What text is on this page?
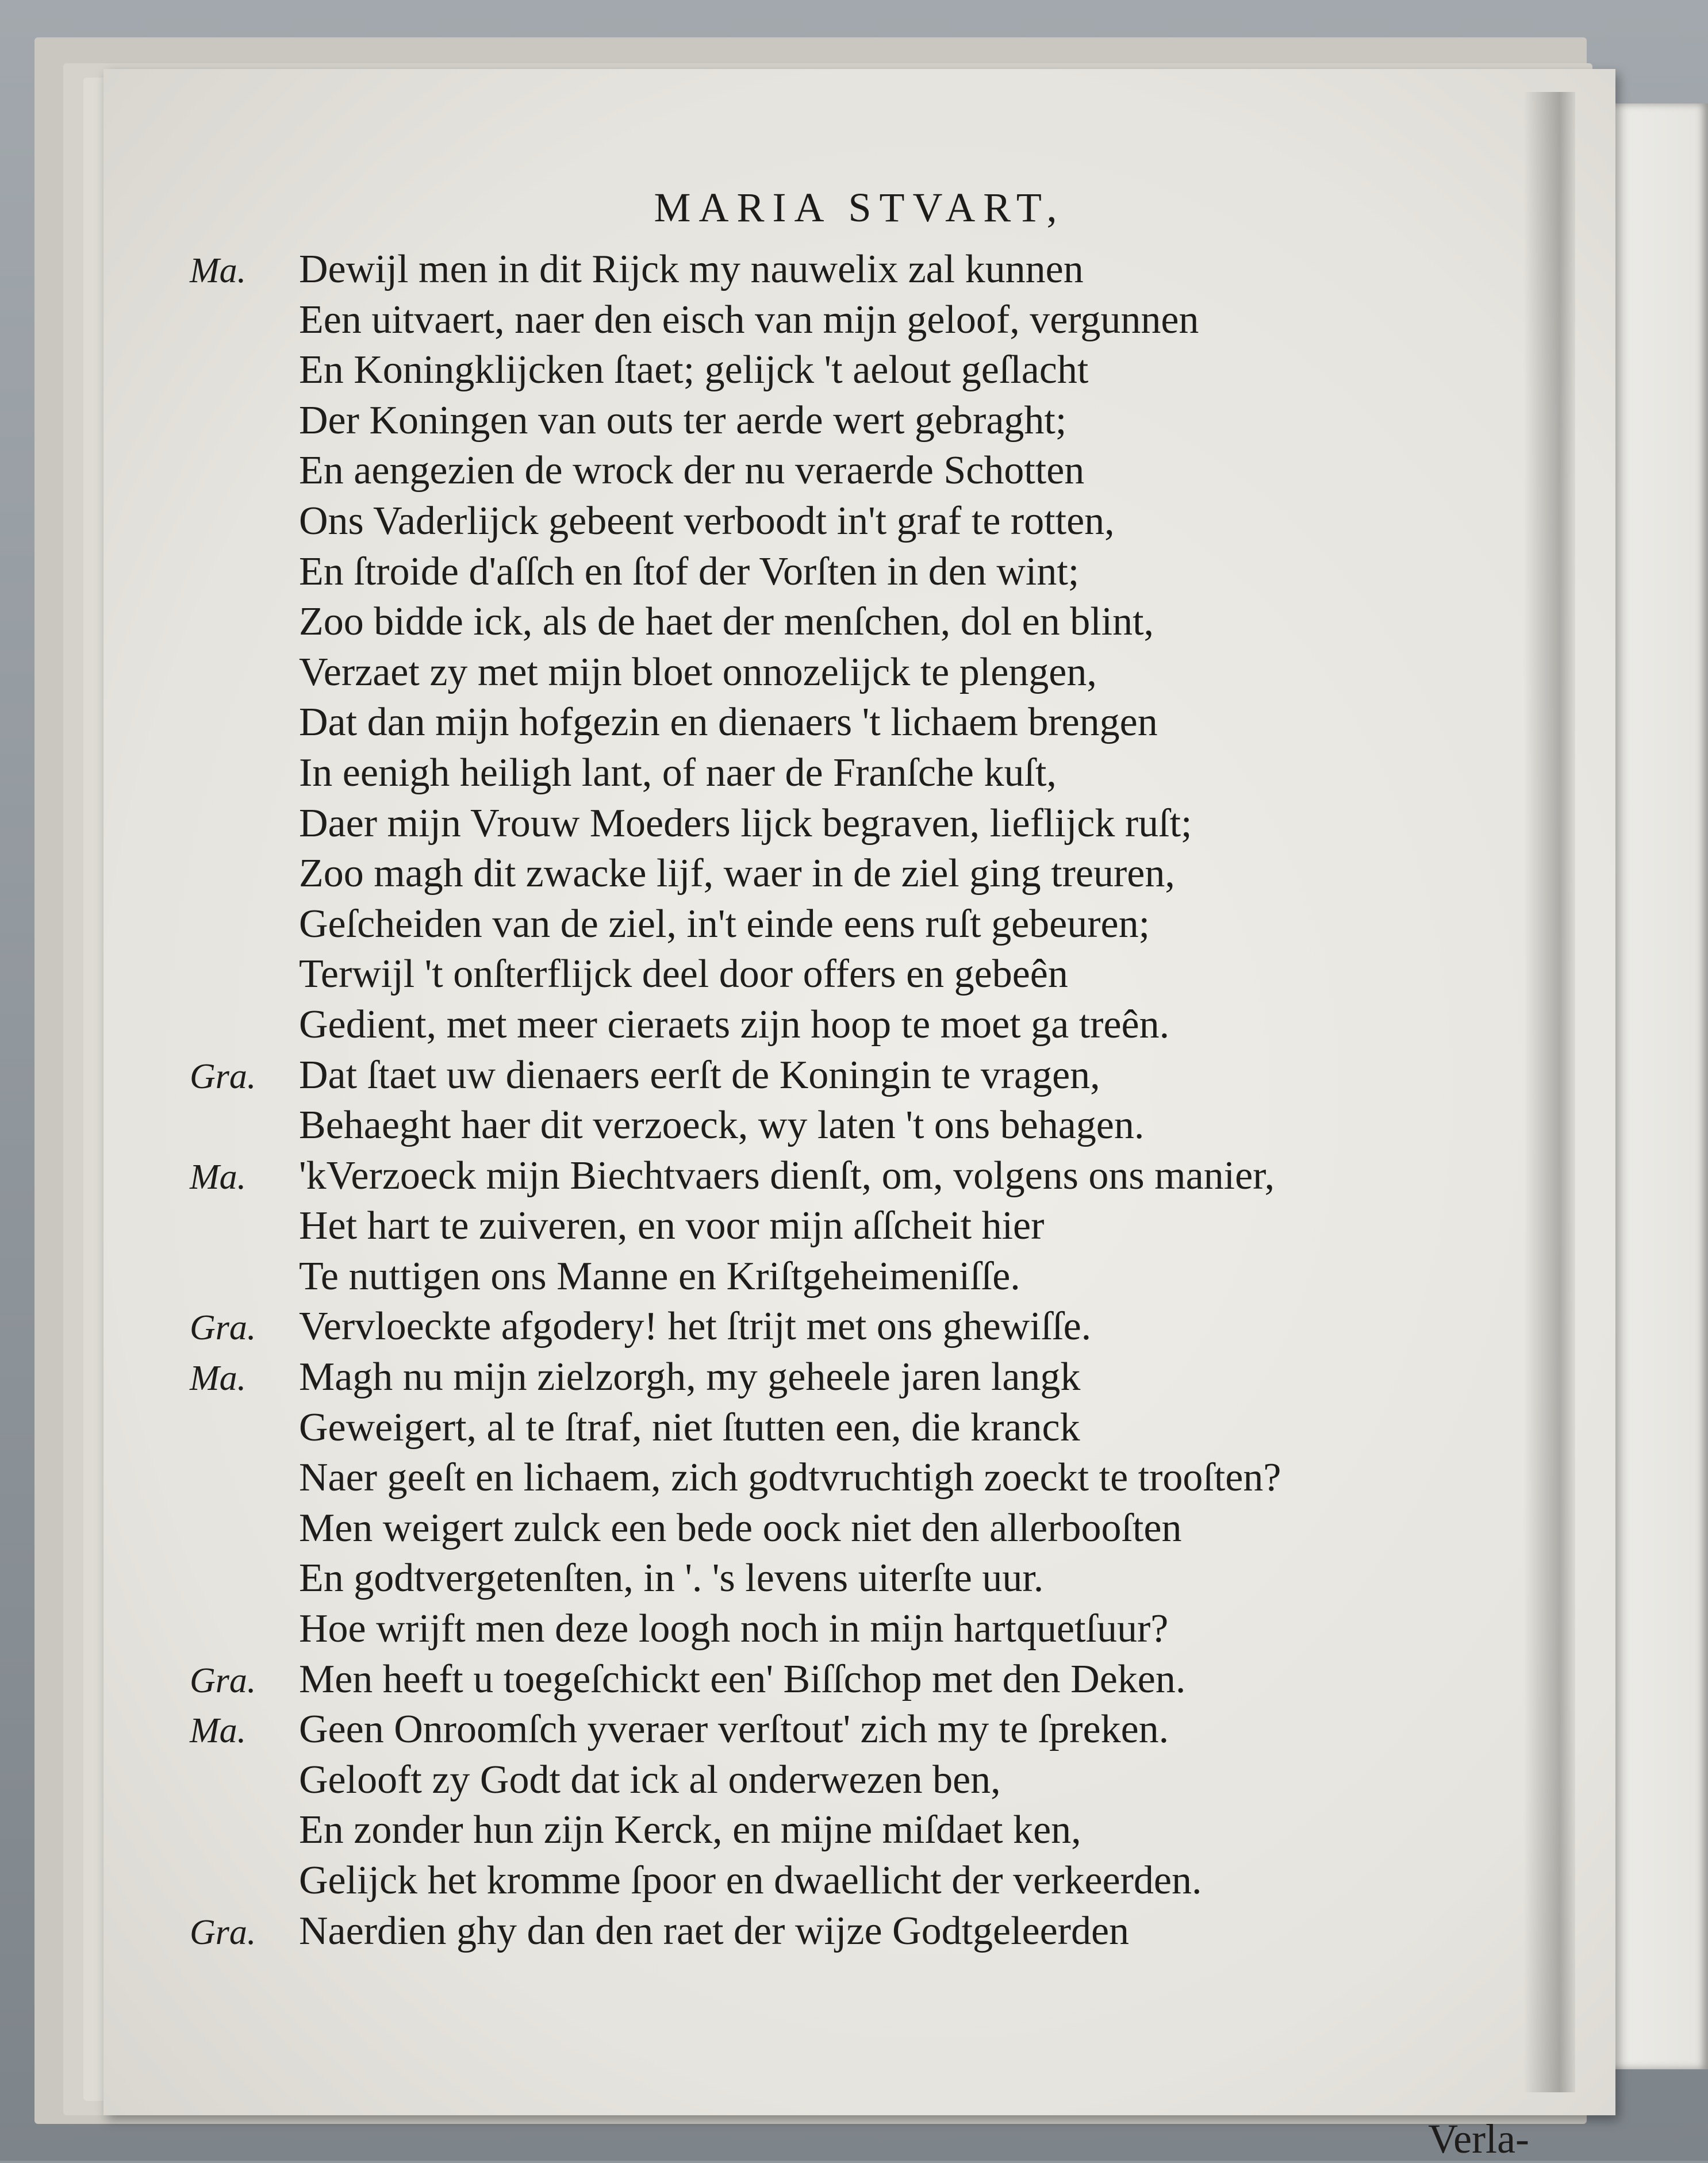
MARIA STVART,
Ma. Dewijl men in dit Rijck my nauwelix zal kunnen
Een uitvaert, naer den eisch van mijn geloof, vergunnen
En Koningklijcken ſtaet; gelijck 't aelout geſlacht
Der Koningen van outs ter aerde wert gebraght;
En aengezien de wrock der nu veraerde Schotten
Ons Vaderlijck gebeent verboodt in't graf te rotten,
En ſtroide d'aſſch en ſtof der Vorſten in den wint;
Zoo bidde ick, als de haet der menſchen, dol en blint,
Verzaet zy met mijn bloet onnozelijck te plengen,
Dat dan mijn hofgezin en dienaers 't lichaem brengen
In eenigh heiligh lant, of naer de Franſche kuſt,
Daer mijn Vrouw Moeders lijck begraven, lieflijck ruſt;
Zoo magh dit zwacke lijf, waer in de ziel ging treuren,
Geſcheiden van de ziel, in't einde eens ruſt gebeuren;
Terwijl 't onſterflijck deel door offers en gebeên
Gedient, met meer cieraets zijn hoop te moet ga treên.
Gra. Dat ſtaet uw dienaers eerſt de Koningin te vragen,
Behaeght haer dit verzoeck, wy laten 't ons behagen.
Ma. 'kVerzoeck mijn Biechtvaers dienſt, om, volgens ons manier,
Het hart te zuiveren, en voor mijn aſſcheit hier
Te nuttigen ons Manne en Kriſtgeheimeniſſe.
Gra. Vervloeckte afgodery! het ſtrijt met ons ghewiſſe.
Ma. Magh nu mijn zielzorgh, my geheele jaren langk
Geweigert, al te ſtraf, niet ſtutten een, die kranck
Naer geeſt en lichaem, zich godtvruchtigh zoeckt te trooſten?
Men weigert zulck een bede oock niet den allerbooſten
En godtvergetenſten, in '. 's levens uiterſte uur.
Hoe wrijft men deze loogh noch in mijn hartquetſuur?
Gra. Men heeft u toegeſchickt een' Biſſchop met den Deken.
Ma. Geen Onroomſch yveraer verſtout' zich my te ſpreken.
Gelooft zy Godt dat ick al onderwezen ben,
En zonder hun zijn Kerck, en mijne miſdaet ken,
Gelijck het kromme ſpoor en dwaellicht der verkeerden.
Gra. Naerdien ghy dan den raet der wijze Godtgeleerden
Verla-
